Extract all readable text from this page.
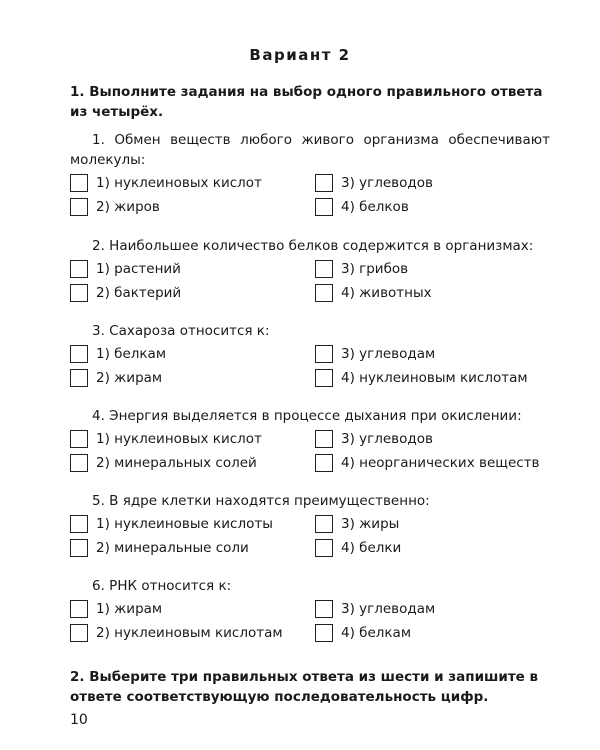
Вариант 2
1. Выполните задания на выбор одного правильного ответа из четырёх.
1. Обмен веществ любого живого организма обеспечивают молекулы:
1) нуклеиновых кислот	3) углеводов
2) жиров	4) белков
2. Наибольшее количество белков содержится в организмах:
1) растений	3) грибов
2) бактерий	4) животных
3. Сахароза относится к:
1) белкам	3) углеводам
2) жирам	4) нуклеиновым кислотам
4. Энергия выделяется в процессе дыхания при окислении:
1) нуклеиновых кислот	3) углеводов
2) минеральных солей	4) неорганических веществ
5. В ядре клетки находятся преимущественно:
1) нуклеиновые кислоты	3) жиры
2) минеральные соли	4) белки
6. РНК относится к:
1) жирам	3) углеводам
2) нуклеиновым кислотам	4) белкам
2. Выберите три правильных ответа из шести и запишите в ответе соответствующую последовательность цифр.
10
